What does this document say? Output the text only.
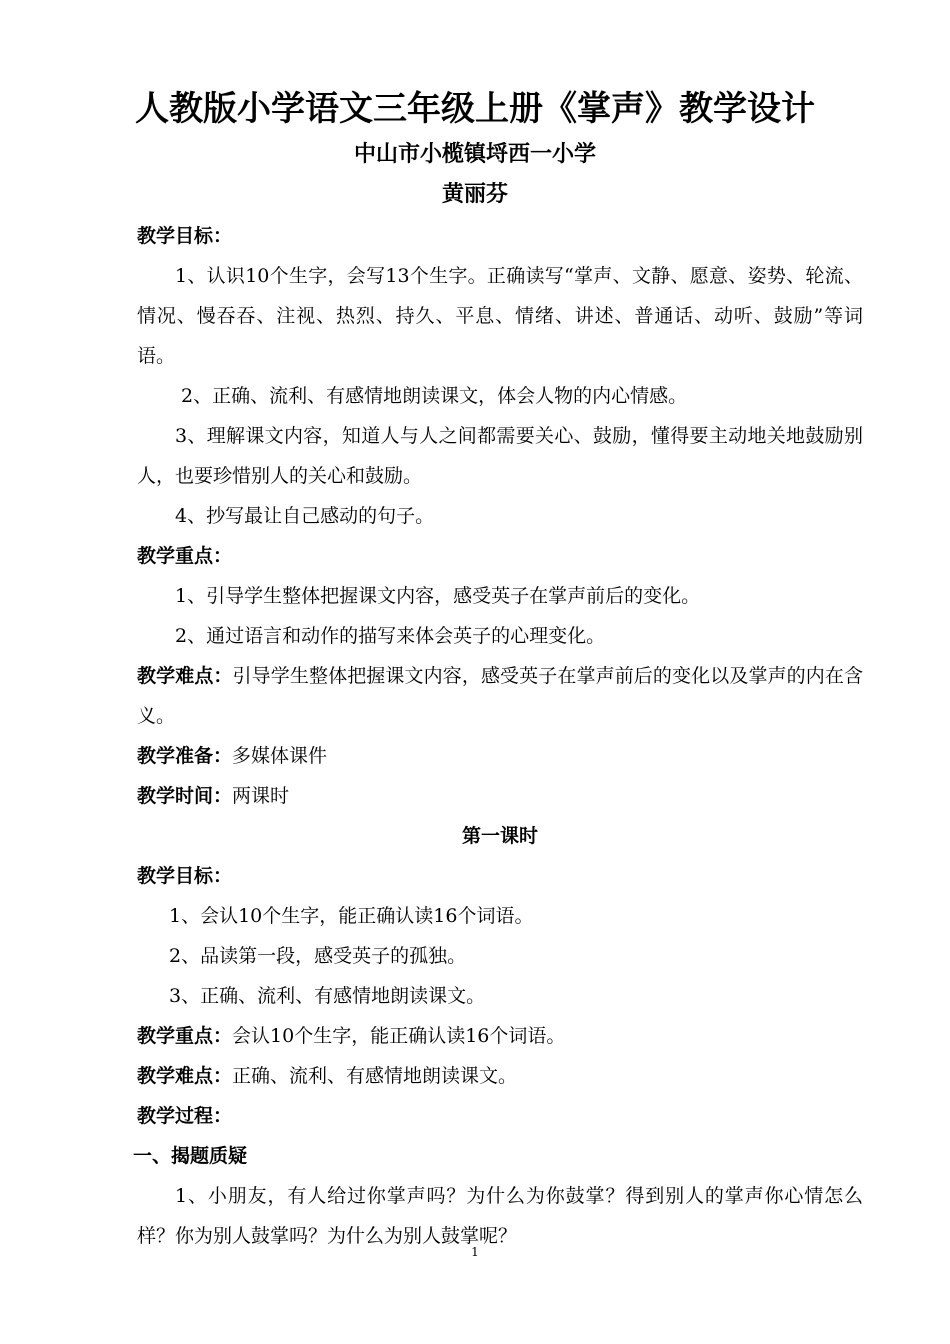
人教版小学语文三年级上册《掌声》教学设计

中山市小榄镇埒西一小学

黄丽芬

教学目标：

1、认识10个生字，会写13个生字。正确读写“掌声、文静、愿意、姿势、轮流、情况、慢吞吞、注视、热烈、持久、平息、情绪、讲述、普通话、动听、鼓励”等词语。

2、正确、流利、有感情地朗读课文，体会人物的内心情感。

3、理解课文内容，知道人与人之间都需要关心、鼓励，懂得要主动地关地鼓励别人，也要珍惜别人的关心和鼓励。

4、抄写最让自己感动的句子。

教学重点：

1、引导学生整体把握课文内容，感受英子在掌声前后的变化。

2、通过语言和动作的描写来体会英子的心理变化。

教学难点：引导学生整体把握课文内容，感受英子在掌声前后的变化以及掌声的内在含义。

教学准备：多媒体课件

教学时间：两课时

第一课时

教学目标：

1、会认10个生字，能正确认读16个词语。

2、品读第一段，感受英子的孤独。

3、正确、流利、有感情地朗读课文。

教学重点：会认10个生字，能正确认读16个词语。

教学难点：正确、流利、有感情地朗读课文。

教学过程：

一、揭题质疑

1、小朋友，有人给过你掌声吗？为什么为你鼓掌？得到别人的掌声你心情怎么样？你为别人鼓掌吗？为什么为别人鼓掌呢？

1
